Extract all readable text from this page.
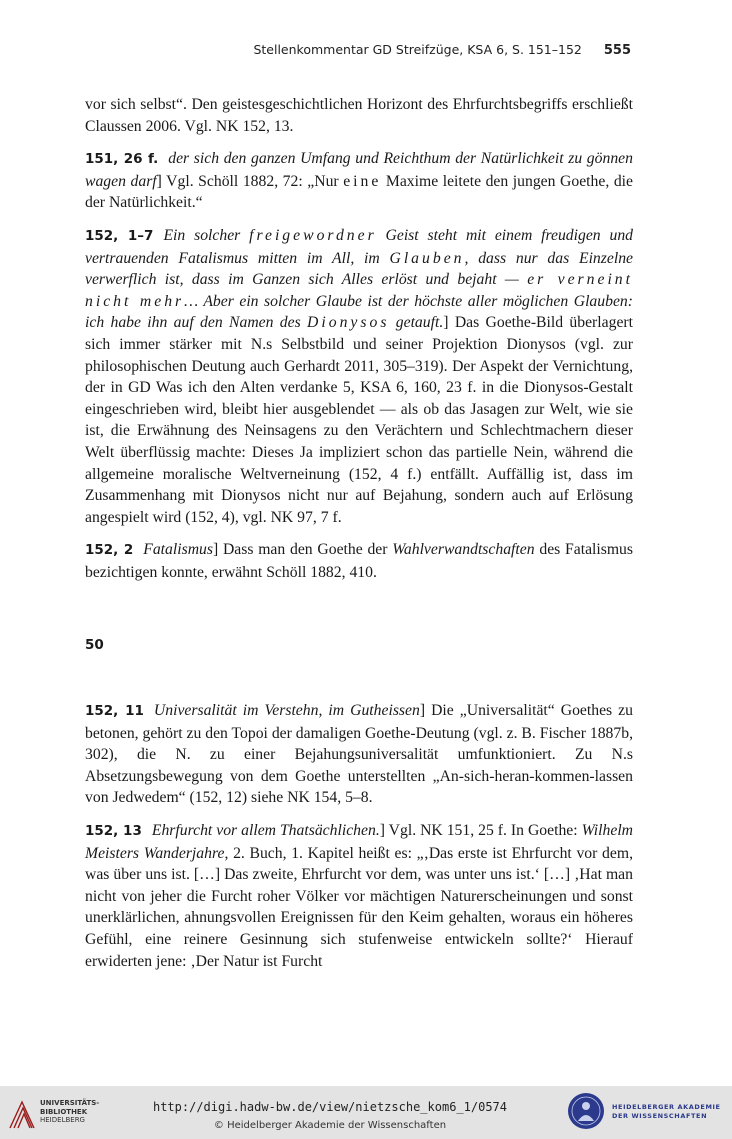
Stellenkommentar GD Streifzüge, KSA 6, S. 151–152 555

vor sich selbst“. Den geistesgeschichtlichen Horizont des Ehrfurchtsbegriffs erschließt Claussen 2006. Vgl. NK 152, 13.

151, 26 f. der sich den ganzen Umfang und Reichthum der Natürlichkeit zu gönnen wagen darf] Vgl. Schöll 1882, 72: „Nur eine Maxime leitete den jungen Goethe, die der Natürlichkeit.“

152, 1–7 Ein solcher freigewordner Geist steht mit einem freudigen und vertrauenden Fatalismus mitten im All, im Glauben, dass nur das Einzelne verwerflich ist, dass im Ganzen sich Alles erlöst und bejaht — er verneint nicht mehr… Aber ein solcher Glaube ist der höchste aller möglichen Glauben: ich habe ihn auf den Namen des Dionysos getauft.] Das Goethe-Bild überlagert sich immer stärker mit N.s Selbstbild und seiner Projektion Dionysos (vgl. zur philosophischen Deutung auch Gerhardt 2011, 305–319). Der Aspekt der Vernichtung, der in GD Was ich den Alten verdanke 5, KSA 6, 160, 23 f. in die Dionysos-Gestalt eingeschrieben wird, bleibt hier ausgeblendet — als ob das Jasagen zur Welt, wie sie ist, die Erwähnung des Neinsagens zu den Verächtern und Schlechtmachern dieser Welt überflüssig machte: Dieses Ja impliziert schon das partielle Nein, während die allgemeine moralische Weltverneinung (152, 4 f.) entfällt. Auffällig ist, dass im Zusammenhang mit Dionysos nicht nur auf Bejahung, sondern auch auf Erlösung angespielt wird (152, 4), vgl. NK 97, 7 f.

152, 2 Fatalismus] Dass man den Goethe der Wahlverwandtschaften des Fatalismus bezichtigen konnte, erwähnt Schöll 1882, 410.

50

152, 11 Universalität im Verstehn, im Gutheissen] Die „Universalität“ Goethes zu betonen, gehört zu den Topoi der damaligen Goethe-Deutung (vgl. z. B. Fischer 1887b, 302), die N. zu einer Bejahungsuniversalität umfunktioniert. Zu N.s Absetzungsbewegung von dem Goethe unterstellten „An-sich-heran-kommen-lassen von Jedwedem“ (152, 12) siehe NK 154, 5–8.

152, 13 Ehrfurcht vor allem Thatsächlichen.] Vgl. NK 151, 25 f. In Goethe: Wilhelm Meisters Wanderjahre, 2. Buch, 1. Kapitel heißt es: „‚Das erste ist Ehrfurcht vor dem, was über uns ist. […] Das zweite, Ehrfurcht vor dem, was unter uns ist.‘ […] ‚Hat man nicht von jeher die Furcht roher Völker vor mächtigen Naturerscheinungen und sonst unerklärlichen, ahnungsvollen Ereignissen für den Keim gehalten, woraus ein höheres Gefühl, eine reinere Gesinnung sich stufenweise entwickeln sollte?‘ Hierauf erwiderten jene: ‚Der Natur ist Furcht

UNIVERSITÄTS-
BIBLIOTHEK
HEIDELBERG
http://digi.hadw-bw.de/view/nietzsche_kom6_1/0574
© Heidelberger Akademie der Wissenschaften
HEIDELBERGER AKADEMIE
DER WISSENSCHAFTEN
